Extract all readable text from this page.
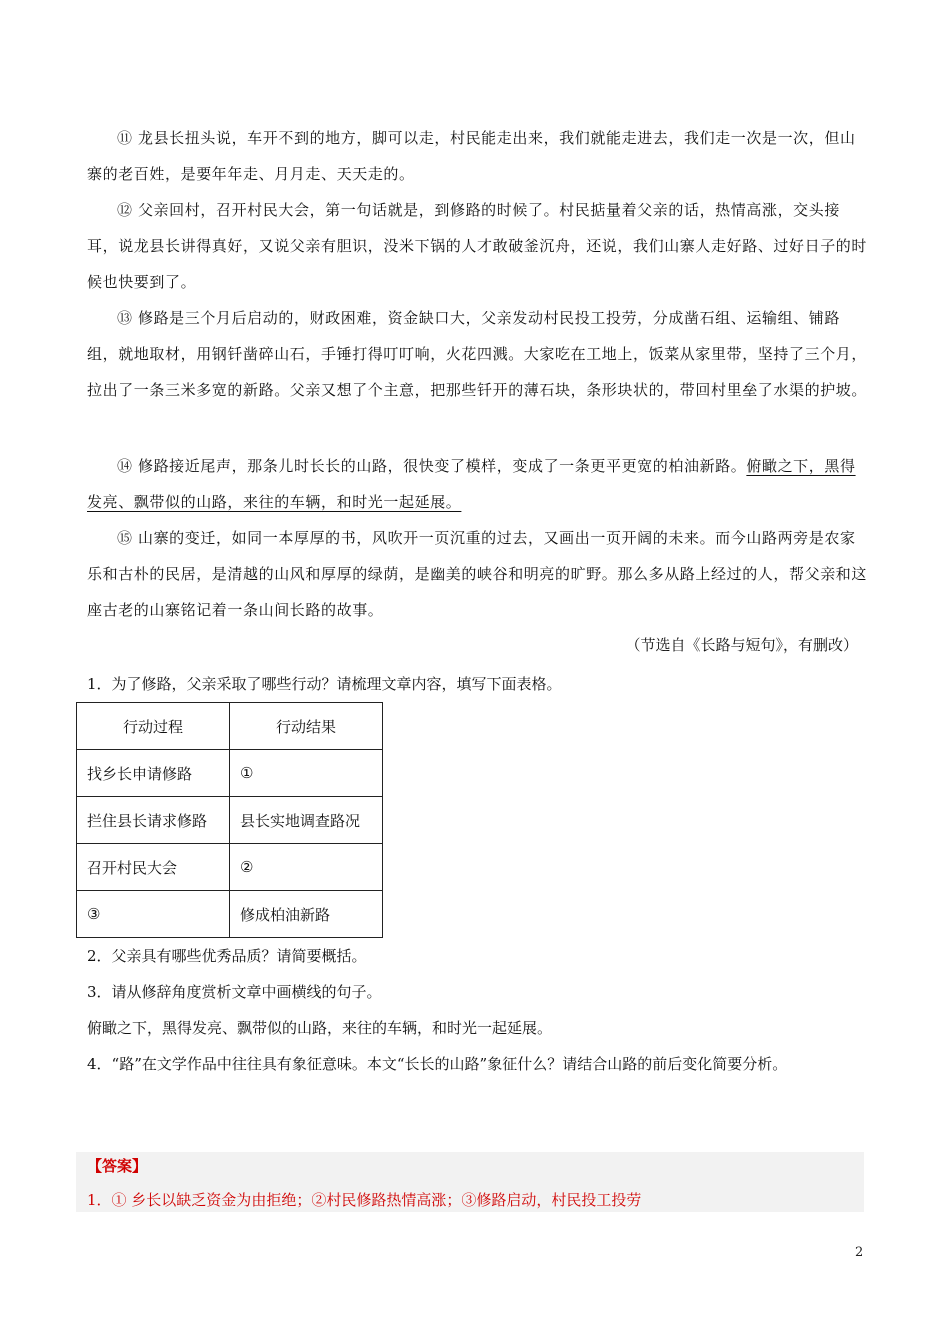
⑪ 龙县长扭头说，车开不到的地方，脚可以走，村民能走出来，我们就能走进去，我们走一次是一次，但山寨的老百姓，是要年年走、月月走、天天走的。

⑫ 父亲回村，召开村民大会，第一句话就是，到修路的时候了。村民掂量着父亲的话，热情高涨，交头接耳，说龙县长讲得真好，又说父亲有胆识，没米下锅的人才敢破釜沉舟，还说，我们山寨人走好路、过好日子的时候也快要到了。

⑬ 修路是三个月后启动的，财政困难，资金缺口大，父亲发动村民投工投劳，分成凿石组、运输组、铺路组，就地取材，用钢钎凿碎山石，手锤打得叮叮响，火花四溅。大家吃在工地上，饭菜从家里带，坚持了三个月，拉出了一条三米多宽的新路。父亲又想了个主意，把那些钎开的薄石块，条形块状的，带回村里垒了水渠的护坡。

⑭ 修路接近尾声，那条儿时长长的山路，很快变了模样，变成了一条更平更宽的柏油新路。俯瞰之下，黑得发亮、飘带似的山路，来往的车辆，和时光一起延展。

⑮ 山寨的变迁，如同一本厚厚的书，风吹开一页沉重的过去，又画出一页开阔的未来。而今山路两旁是农家乐和古朴的民居，是清越的山风和厚厚的绿荫，是幽美的峡谷和明亮的旷野。那么多从路上经过的人，帮父亲和这座古老的山寨铭记着一条山间长路的故事。

（节选自《长路与短句》，有删改）

1．为了修路，父亲采取了哪些行动？请梳理文章内容，填写下面表格。

行动过程	行动结果
找乡长申请修路	①
拦住县长请求修路	县长实地调查路况
召开村民大会	②
③	修成柏油新路

2．父亲具有哪些优秀品质？请简要概括。

3．请从修辞角度赏析文章中画横线的句子。

俯瞰之下，黑得发亮、飘带似的山路，来往的车辆，和时光一起延展。

4．“路”在文学作品中往往具有象征意味。本文“长长的山路”象征什么？请结合山路的前后变化简要分析。

【答案】
1．① 乡长以缺乏资金为由拒绝；②村民修路热情高涨；③修路启动，村民投工投劳
2
